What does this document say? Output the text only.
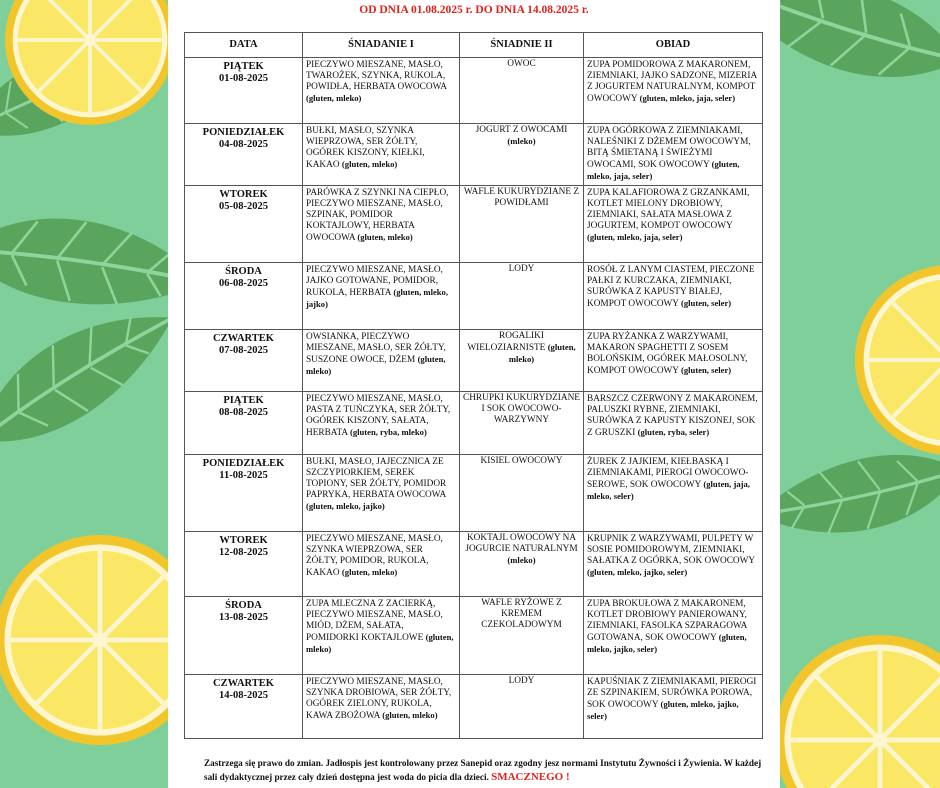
OD DNIA 01.08.2025 r. DO DNIA 14.08.2025 r.
DATA	ŚNIADANIE I	ŚNIADNIE II	OBIAD

PIĄTEK
01-08-2025	PIECZYWO MIESZANE, MASŁO, TWAROŻEK, SZYNKA, RUKOLA, POWIDŁA, HERBATA OWOCOWA (gluten, mleko)	OWOC	ZUPA POMIDOROWA Z MAKARONEM, ZIEMNIAKI, JAJKO SADZONE, MIZERIA Z JOGURTEM NATURALNYM, KOMPOT OWOCOWY (gluten, mleko, jaja, seler)

PONIEDZIAŁEK
04-08-2025	BUŁKI, MASŁO, SZYNKA WIEPRZOWA, SER ŻÓŁTY, OGÓREK KISZONY, KIEŁKI, KAKAO (gluten, mleko)	JOGURT Z OWOCAMI (mleko)	ZUPA OGÓRKOWA Z ZIEMNIAKAMI, NALEŚNIKI Z DŻEMEM OWOCOWYM, BITĄ ŚMIETANĄ I ŚWIEŻYMI OWOCAMI, SOK OWOCOWY (gluten, mleko, jaja, seler)

WTOREK
05-08-2025	PARÓWKA Z SZYNKI NA CIEPŁO, PIECZYWO MIESZANE, MASŁO, SZPINAK, POMIDOR KOKTAJLOWY, HERBATA OWOCOWA (gluten, mleko)	WAFLE KUKURYDZIANE Z POWIDŁAMI	ZUPA KALAFIOROWA Z GRZANKAMI, KOTLET MIELONY DROBIOWY, ZIEMNIAKI, SAŁATA MASŁOWA Z JOGURTEM, KOMPOT OWOCOWY (gluten, mleko, jaja, seler)

ŚRODA
06-08-2025	PIECZYWO MIESZANE, MASŁO, JAJKO GOTOWANE, POMIDOR, RUKOLA, HERBATA (gluten, mleko, jajko)	LODY	ROSÓŁ Z LANYM CIASTEM, PIECZONE PAŁKI Z KURCZAKA, ZIEMNIAKI, SURÓWKA Z KAPUSTY BIAŁEJ, KOMPOT OWOCOWY (gluten, seler)

CZWARTEK
07-08-2025	OWSIANKA, PIECZYWO MIESZANE, MASŁO, SER ŻÓŁTY, SUSZONE OWOCE, DŻEM (gluten, mleko)	ROGALIKI WIELOZIARNISTE (gluten, mleko)	ZUPA RYŻANKA Z WARZYWAMI, MAKARON SPAGHETTI Z SOSEM BOLOŃSKIM, OGÓREK MAŁOSOLNY, KOMPOT OWOCOWY (gluten, seler)

PIĄTEK
08-08-2025	PIECZYWO MIESZANE, MASŁO, PASTA Z TUŃCZYKA, SER ŻÓŁTY, OGÓREK KISZONY, SAŁATA, HERBATA (gluten, ryba, mleko)	CHRUPKI KUKURYDZIANE I SOK OWOCOWO-WARZYWNY	BARSZCZ CZERWONY Z MAKARONEM, PALUSZKI RYBNE, ZIEMNIAKI, SURÓWKA Z KAPUSTY KISZONEJ, SOK Z GRUSZKI (gluten, ryba, seler)

PONIEDZIAŁEK
11-08-2025	BUŁKI, MASŁO, JAJECZNICA ZE SZCZYPIORKIEM, SEREK TOPIONY, SER ŻÓŁTY, POMIDOR PAPRYKA, HERBATA OWOCOWA (gluten, mleko, jajko)	KISIEL OWOCOWY	ŻUREK Z JAJKIEM, KIEŁBASKĄ I ZIEMNIAKAMI, PIEROGI OWOCOWO- SEROWE, SOK OWOCOWY (gluten, jaja, mleko, seler)

WTOREK
12-08-2025	PIECZYWO MIESZANE, MASŁO, SZYNKA WIEPRZOWA, SER ŻÓŁTY, POMIDOR, RUKOLA, KAKAO (gluten, mleko)	KOKTAJL OWOCOWY NA JOGURCIE NATURALNYM (mleko)	KRUPNIK Z WARZYWAMI, PULPETY W SOSIE POMIDOROWYM, ZIEMNIAKI, SAŁATKA Z OGÓRKA, SOK OWOCOWY (gluten, mleko, jajko, seler)

ŚRODA
13-08-2025	ZUPA MLECZNA Z ZACIERKĄ, PIECZYWO MIESZANE, MASŁO, MIÓD, DŻEM, SAŁATA, POMIDORKI KOKTAJLOWE (gluten, mleko)	WAFLE RYŻOWE Z KREMEM CZEKOLADOWYM	ZUPA BROKUŁOWA Z MAKARONEM, KOTLET DROBIOWY PANIEROWANY, ZIEMNIAKI, FASOLKA SZPARAGOWA GOTOWANA, SOK OWOCOWY (gluten, mleko, jajko, seler)

CZWARTEK
14-08-2025	PIECZYWO MIESZANE, MASŁO, SZYNKA DROBIOWA, SER ŻÓŁTY, OGÓREK ZIELONY, RUKOLA, KAWA ZBOŻOWA (gluten, mleko)	LODY	KAPUŚNIAK Z ZIEMNIAKAMI, PIEROGI ZE SZPINAKIEM, SURÓWKA POROWA, SOK OWOCOWY (gluten, mleko, jajko, seler)
Zastrzega się prawo do zmian. Jadłospis jest kontrolowany przez Sanepid oraz zgodny jesz normami Instytutu Żywności i Żywienia. W każdej sali dydaktycznej przez cały dzień dostępna jest woda do picia dla dzieci. SMACZNEGO !
